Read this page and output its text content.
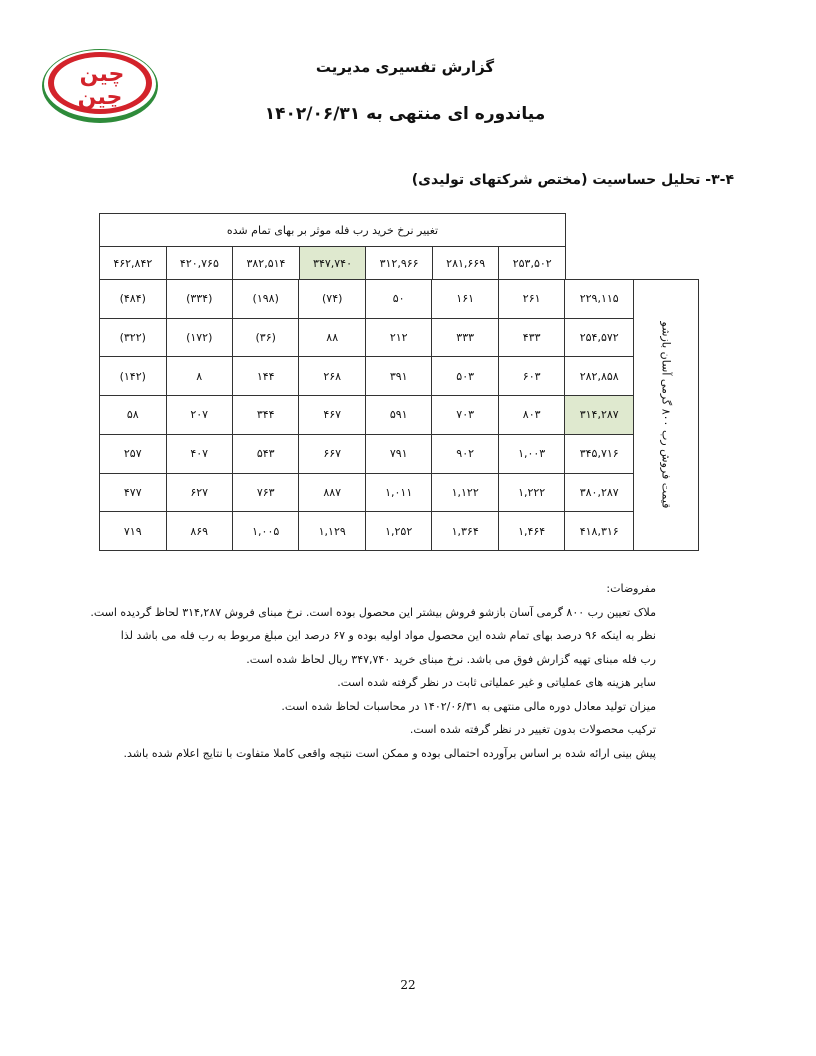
چین
چین
گزارش تفسیری مدیریت
میاندوره ای منتهی به ۱۴۰۲/۰۶/۳۱
۳-۴- تحلیل حساسیت (مختص شرکتهای تولیدی)
تغییر نرخ خرید رب فله موثر بر بهای تمام شده
۲۵۳,۵۰۲	۲۸۱,۶۶۹	۳۱۲,۹۶۶	۳۴۷,۷۴۰	۳۸۲,۵۱۴	۴۲۰,۷۶۵	۴۶۲,۸۴۲
قیمت فروش رب ۸۰۰ گرمی آسان بازشو	۲۲۹,۱۱۵	۲۶۱	۱۶۱	۵۰	(۷۴)	(۱۹۸)	(۳۳۴)	(۴۸۴)
	۲۵۴,۵۷۲	۴۳۳	۳۳۳	۲۱۲	۸۸	(۳۶)	(۱۷۲)	(۳۲۲)
	۲۸۲,۸۵۸	۶۰۳	۵۰۳	۳۹۱	۲۶۸	۱۴۴	۸	(۱۴۲)
	۳۱۴,۲۸۷	۸۰۳	۷۰۳	۵۹۱	۴۶۷	۳۴۴	۲۰۷	۵۸
	۳۴۵,۷۱۶	۱,۰۰۳	۹۰۲	۷۹۱	۶۶۷	۵۴۳	۴۰۷	۲۵۷
	۳۸۰,۲۸۷	۱,۲۲۲	۱,۱۲۲	۱,۰۱۱	۸۸۷	۷۶۳	۶۲۷	۴۷۷
	۴۱۸,۳۱۶	۱,۴۶۴	۱,۳۶۴	۱,۲۵۲	۱,۱۲۹	۱,۰۰۵	۸۶۹	۷۱۹

مفروضات:

ملاک تعیین رب ۸۰۰ گرمی آسان بازشو فروش بیشتر این محصول بوده است. نرخ مبنای فروش ۳۱۴,۲۸۷ لحاظ گردیده است.

نظر به اینکه ۹۶ درصد بهای تمام شده این محصول مواد اولیه بوده و ۶۷ درصد این مبلغ مربوط به رب فله می باشد لذا

رب فله مبنای تهیه گزارش فوق می باشد. نرخ مبنای خرید ۳۴۷,۷۴۰ ریال لحاظ شده است.

سایر هزینه های عملیاتی و غیر عملیاتی ثابت در نظر گرفته شده است.

میزان تولید معادل دوره مالی منتهی به ۱۴۰۲/۰۶/۳۱ در محاسبات لحاظ شده است.

ترکیب محصولات بدون تغییر در نظر گرفته شده است.

پیش بینی ارائه شده بر اساس برآورده احتمالی بوده و ممکن است نتیجه واقعی کاملا متفاوت با نتایج اعلام شده باشد.

22
